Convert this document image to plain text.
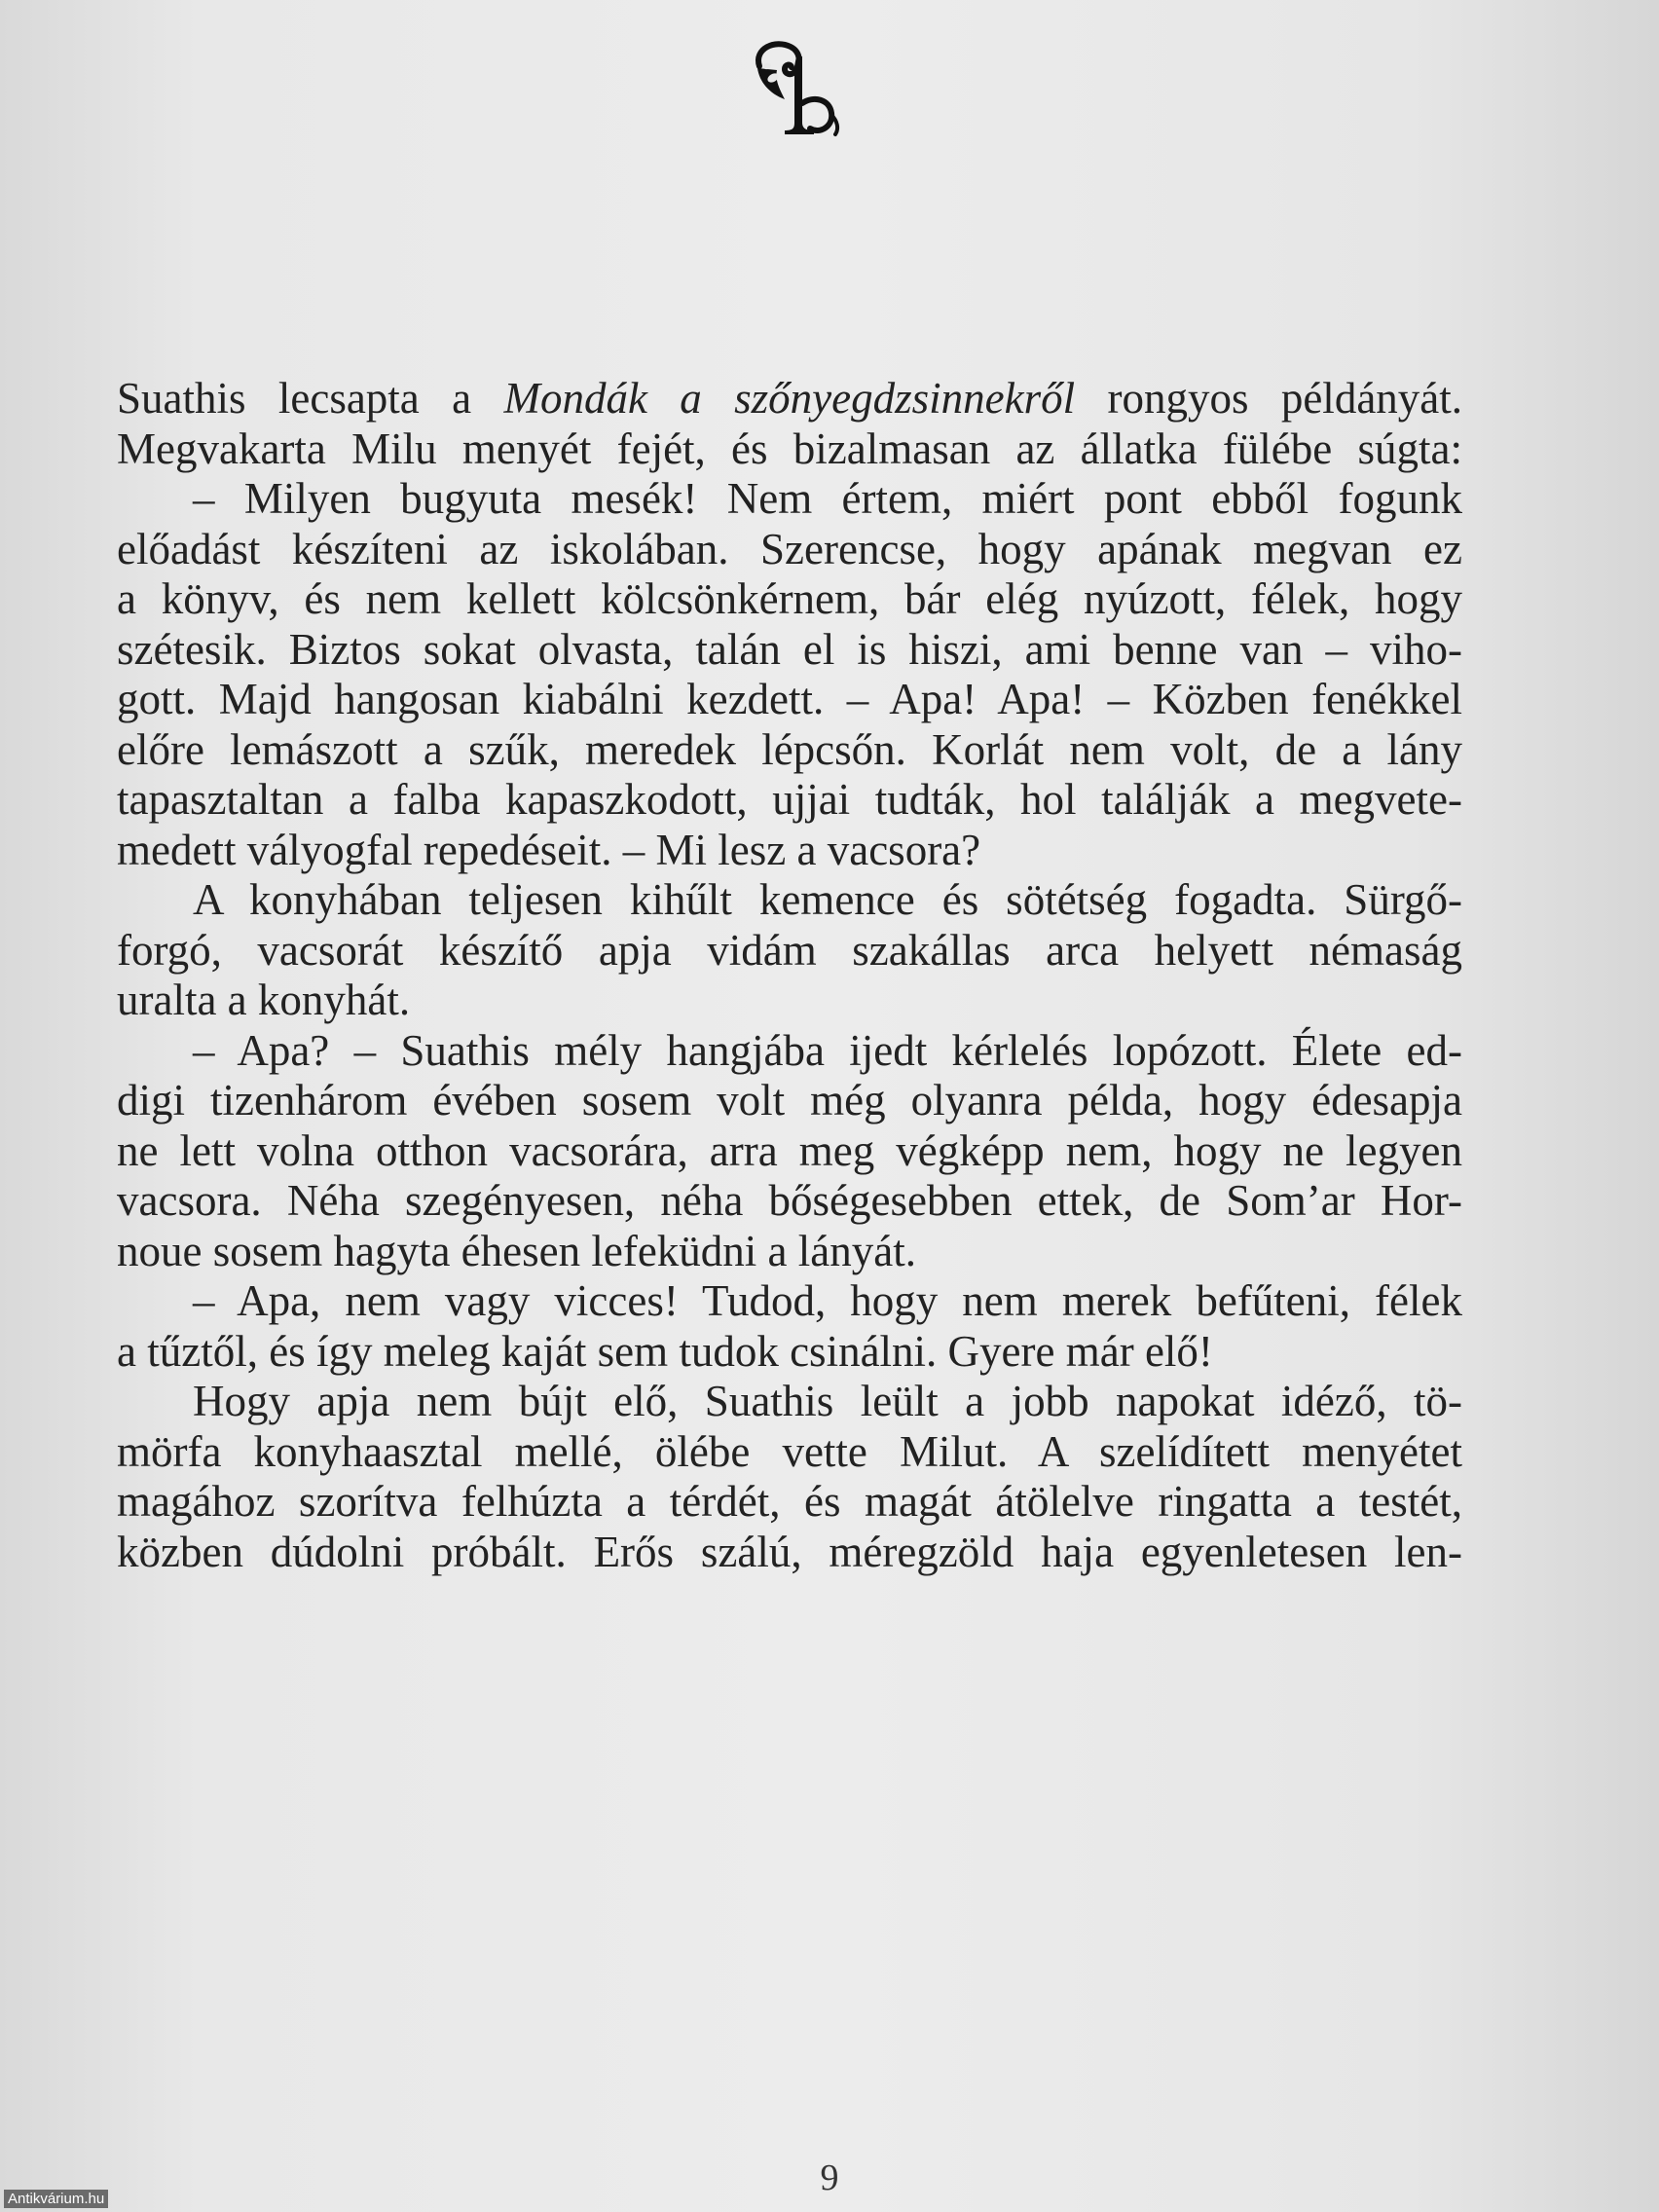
Suathis lecsapta a Mondák a szőnyegdzsinnekről rongyos példányát.
Megvakarta Milu menyét fejét, és bizalmasan az állatka fülébe súgta:
– Milyen bugyuta mesék! Nem értem, miért pont ebből fogunk
előadást készíteni az iskolában. Szerencse, hogy apának megvan ez
a könyv, és nem kellett kölcsönkérnem, bár elég nyúzott, félek, hogy
szétesik. Biztos sokat olvasta, talán el is hiszi, ami benne van – viho-
gott. Majd hangosan kiabálni kezdett. – Apa! Apa! – Közben fenékkel
előre lemászott a szűk, meredek lépcsőn. Korlát nem volt, de a lány
tapasztaltan a falba kapaszkodott, ujjai tudták, hol találják a megvete-
medett vályogfal repedéseit. – Mi lesz a vacsora?
A konyhában teljesen kihűlt kemence és sötétség fogadta. Sürgő-
forgó, vacsorát készítő apja vidám szakállas arca helyett némaság
uralta a konyhát.
– Apa? – Suathis mély hangjába ijedt kérlelés lopózott. Élete ed-
digi tizenhárom évében sosem volt még olyanra példa, hogy édesapja
ne lett volna otthon vacsorára, arra meg végképp nem, hogy ne legyen
vacsora. Néha szegényesen, néha bőségesebben ettek, de Som’ar Hor-
noue sosem hagyta éhesen lefeküdni a lányát.
– Apa, nem vagy vicces! Tudod, hogy nem merek befűteni, félek
a tűztől, és így meleg kaját sem tudok csinálni. Gyere már elő!
Hogy apja nem bújt elő, Suathis leült a jobb napokat idéző, tö-
mörfa konyhaasztal mellé, ölébe vette Milut. A szelídített menyétet
magához szorítva felhúzta a térdét, és magát átölelve ringatta a testét,
közben dúdolni próbált. Erős szálú, méregzöld haja egyenletesen len-
9
Antikvárium.hu
